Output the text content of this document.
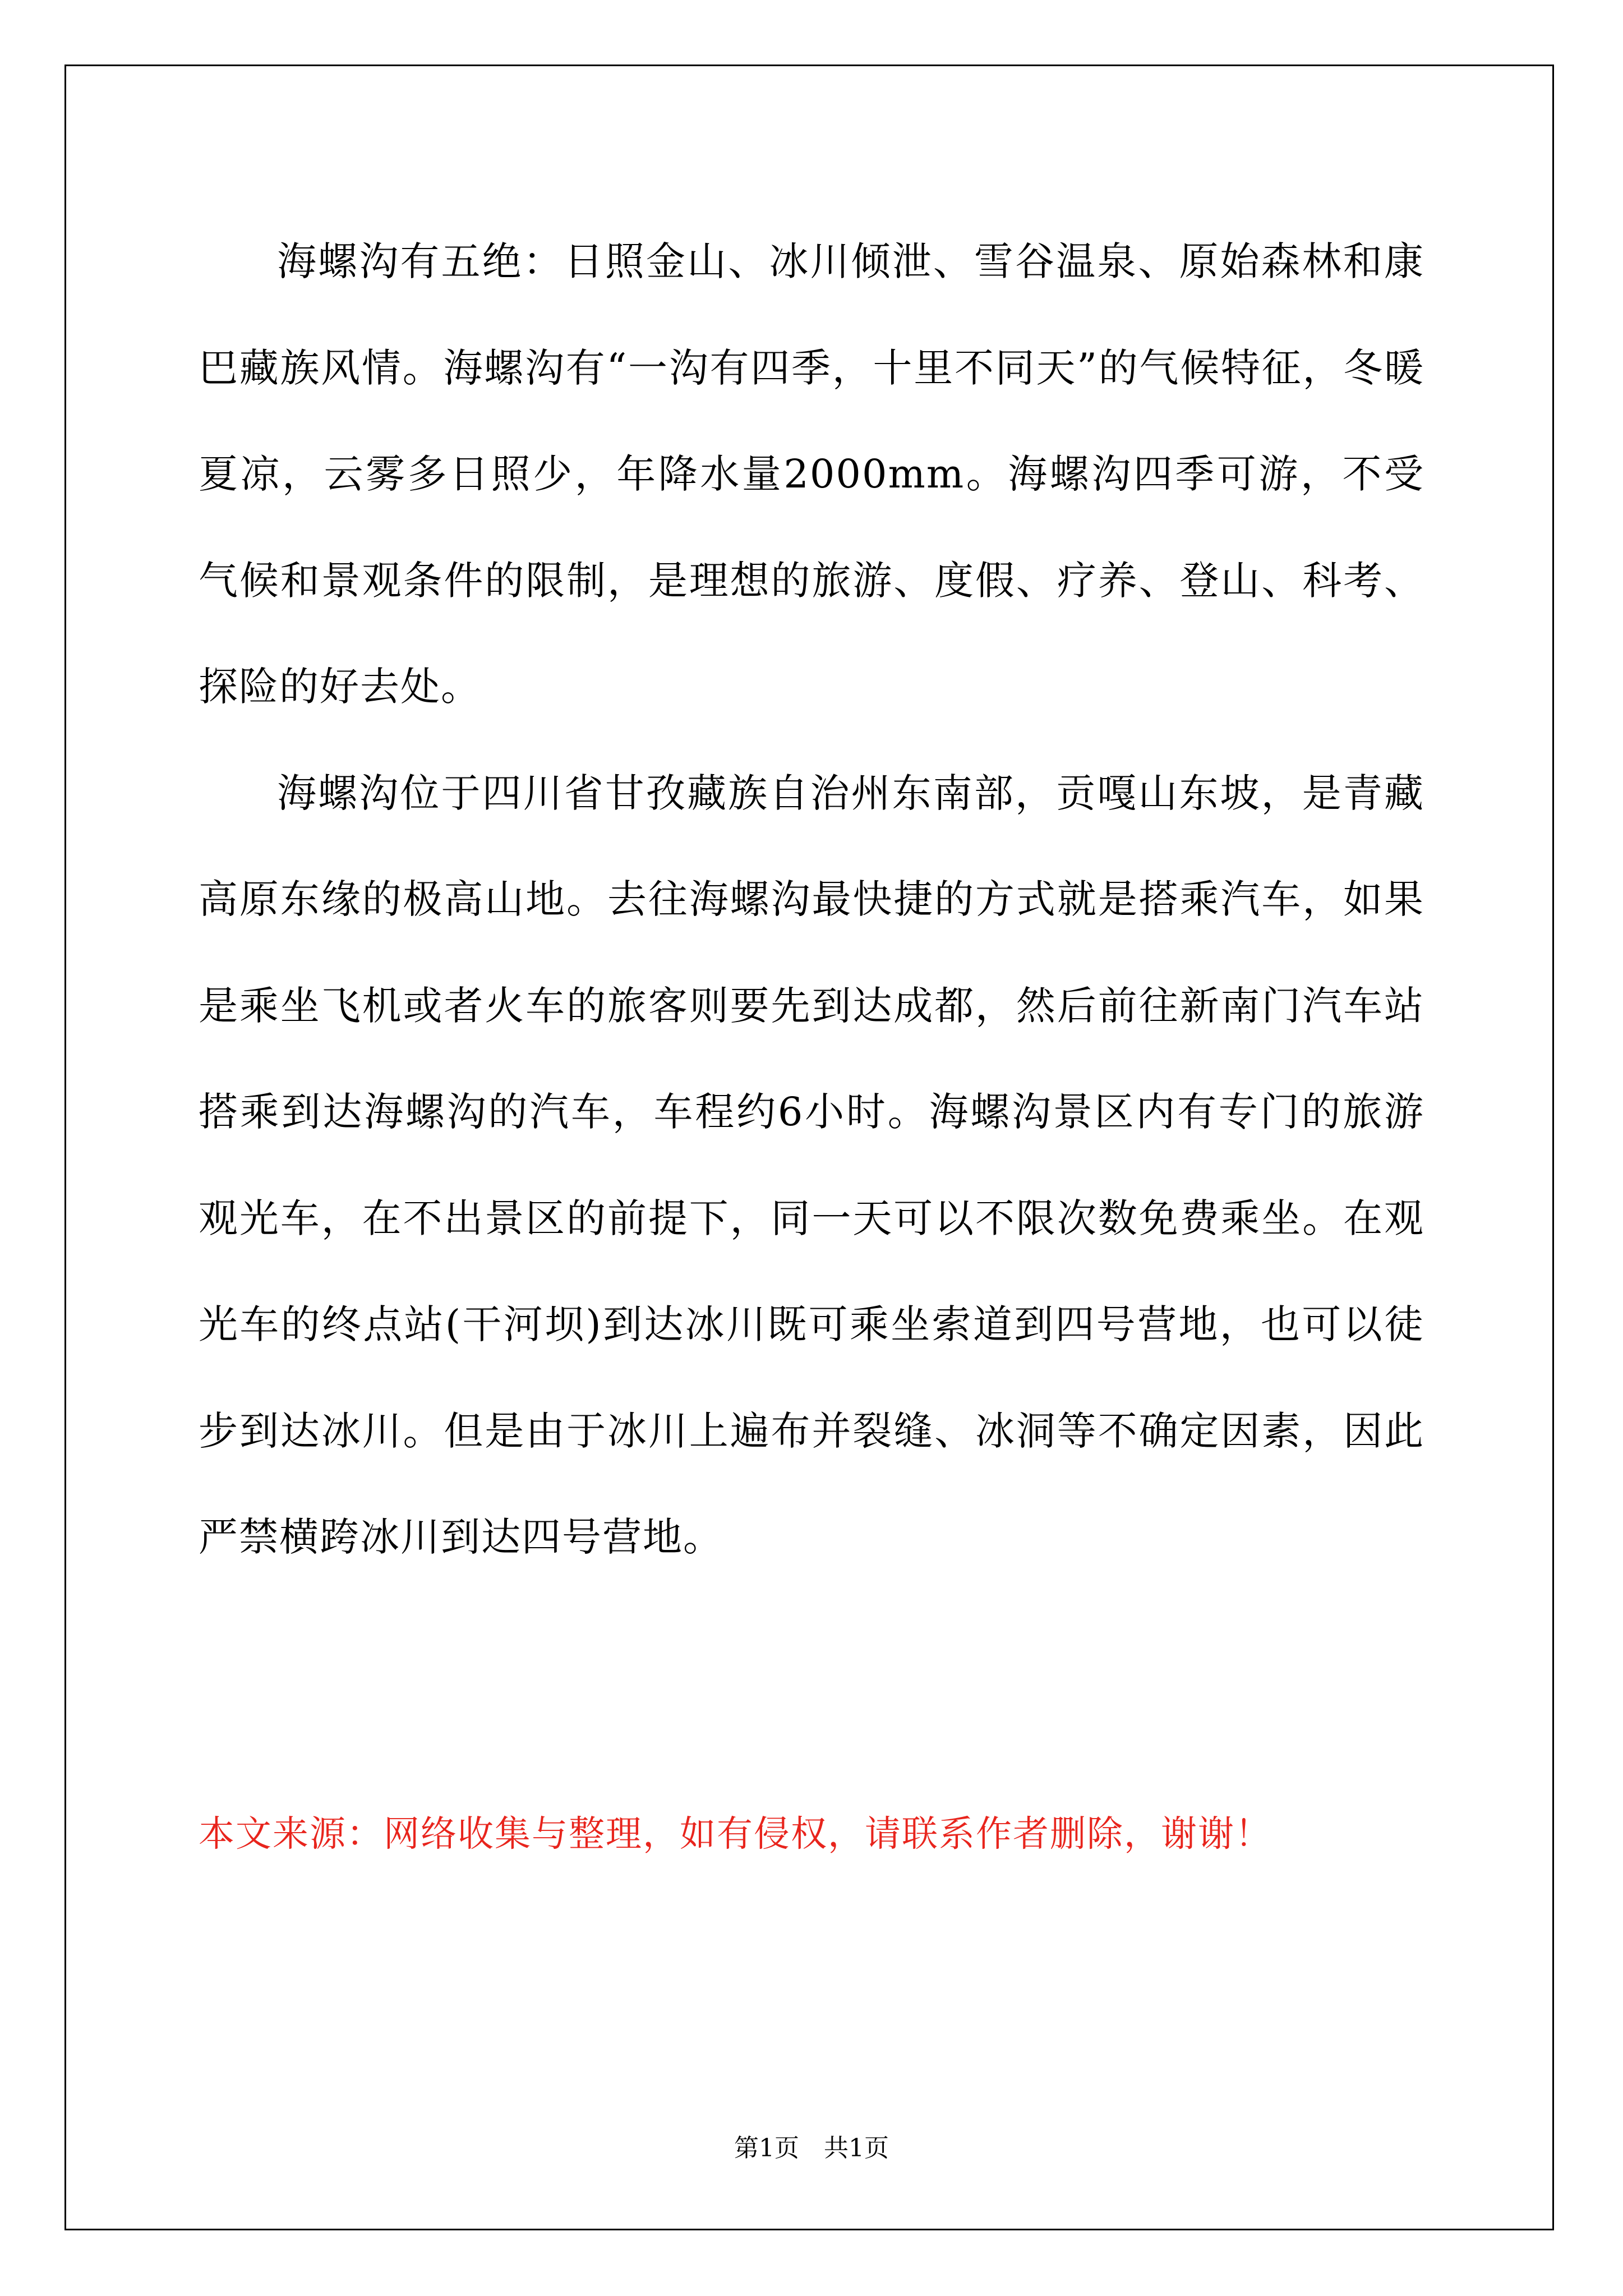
海螺沟有五绝：日照金山、冰川倾泄、雪谷温泉、原始森林和康巴藏族风情。海螺沟有“一沟有四季，十里不同天”的气候特征，冬暖夏凉，云雾多日照少，年降水量2000mm。海螺沟四季可游，不受气候和景观条件的限制，是理想的旅游、度假、疗养、登山、科考、探险的好去处。

海螺沟位于四川省甘孜藏族自治州东南部，贡嘎山东坡，是青藏高原东缘的极高山地。去往海螺沟最快捷的方式就是搭乘汽车，如果是乘坐飞机或者火车的旅客则要先到达成都，然后前往新南门汽车站搭乘到达海螺沟的汽车，车程约6小时。海螺沟景区内有专门的旅游观光车，在不出景区的前提下，同一天可以不限次数免费乘坐。在观光车的终点站(干河坝)到达冰川既可乘坐索道到四号营地，也可以徒步到达冰川。但是由于冰川上遍布并裂缝、冰洞等不确定因素，因此严禁横跨冰川到达四号营地。

本文来源：网络收集与整理，如有侵权，请联系作者删除，谢谢！

第1页　共1页
